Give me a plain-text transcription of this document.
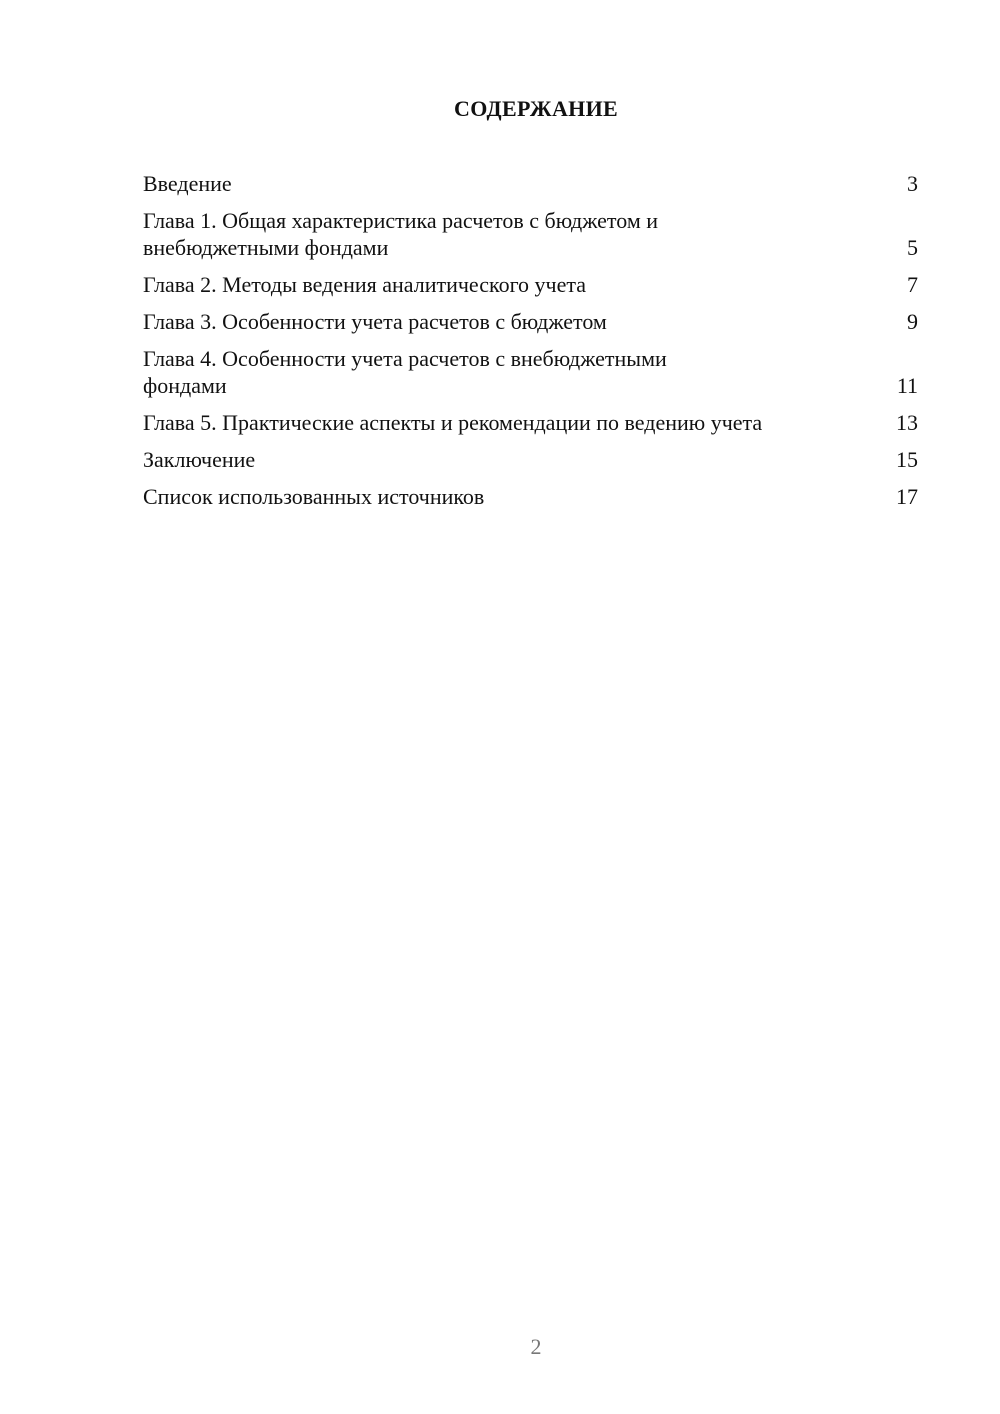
СОДЕРЖАНИЕ
Введение	3
Глава 1. Общая характеристика расчетов с бюджетом и внебюджетными фондами	5
Глава 2. Методы ведения аналитического учета	7
Глава 3. Особенности учета расчетов с бюджетом	9
Глава 4. Особенности учета расчетов с внебюджетными фондами	11
Глава 5. Практические аспекты и рекомендации по ведению учета	13
Заключение	15
Список использованных источников	17
2
